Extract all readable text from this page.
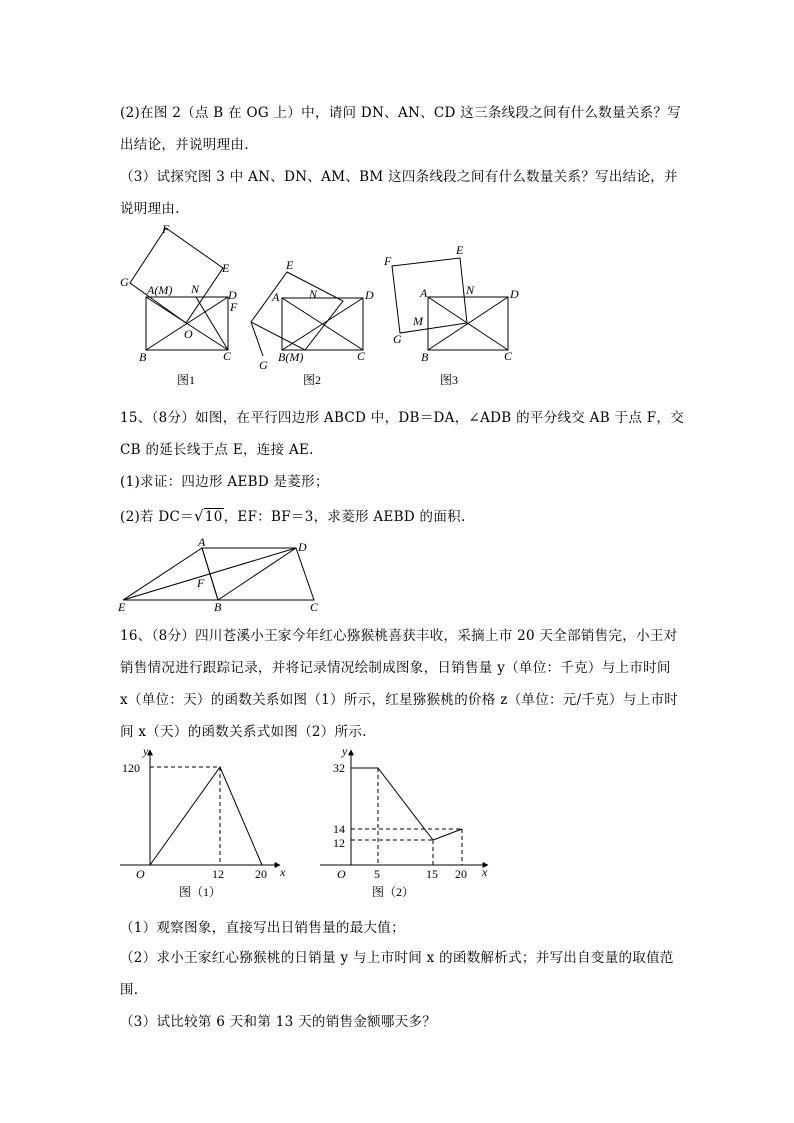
(2)在图 2（点 B 在 OG 上）中，请问 DN、AN、CD 这三条线段之间有什么数量关系？写
出结论，并说明理由.
（3）试探究图 3 中 AN、DN、AM、BM 这四条线段之间有什么数量关系？写出结论，并
说明理由.
F
G
E
A(M) N D
O
B	C
E
F
A N	D
B(M)	C
G
E
F
A	N	D
M
G
B	C
图1	图2	图3
15、（8分）如图，在平行四边形 ABCD 中，DB＝DA，∠ADB 的平分线交 AB 于点 F，交
CB 的延长线于点 E，连接 AE.
(1)求证：四边形 AEBD 是菱形；
(2)若 DC＝√10，EF：BF＝3，求菱形 AEBD 的面积.
A	D
F
E	B	C
16、（8分）四川苍溪小王家今年红心猕猴桃喜获丰收，采摘上市 20 天全部销售完，小王对
销售情况进行跟踪记录，并将记录情况绘制成图象，日销售量 y（单位：千克）与上市时间
x（单位：天）的函数关系如图（1）所示，红星猕猴桃的价格 z（单位：元/千克）与上市时
间 x（天）的函数关系式如图（2）所示.
y
x
O
120
12	20
图（1）
y
x
O
32
14
12
5	15 20
图（2）
（1）观察图象，直接写出日销售量的最大值；
（2）求小王家红心猕猴桃的日销量 y 与上市时间 x 的函数解析式；并写出自变量的取值范
围.
（3）试比较第 6 天和第 13 天的销售金额哪天多？
